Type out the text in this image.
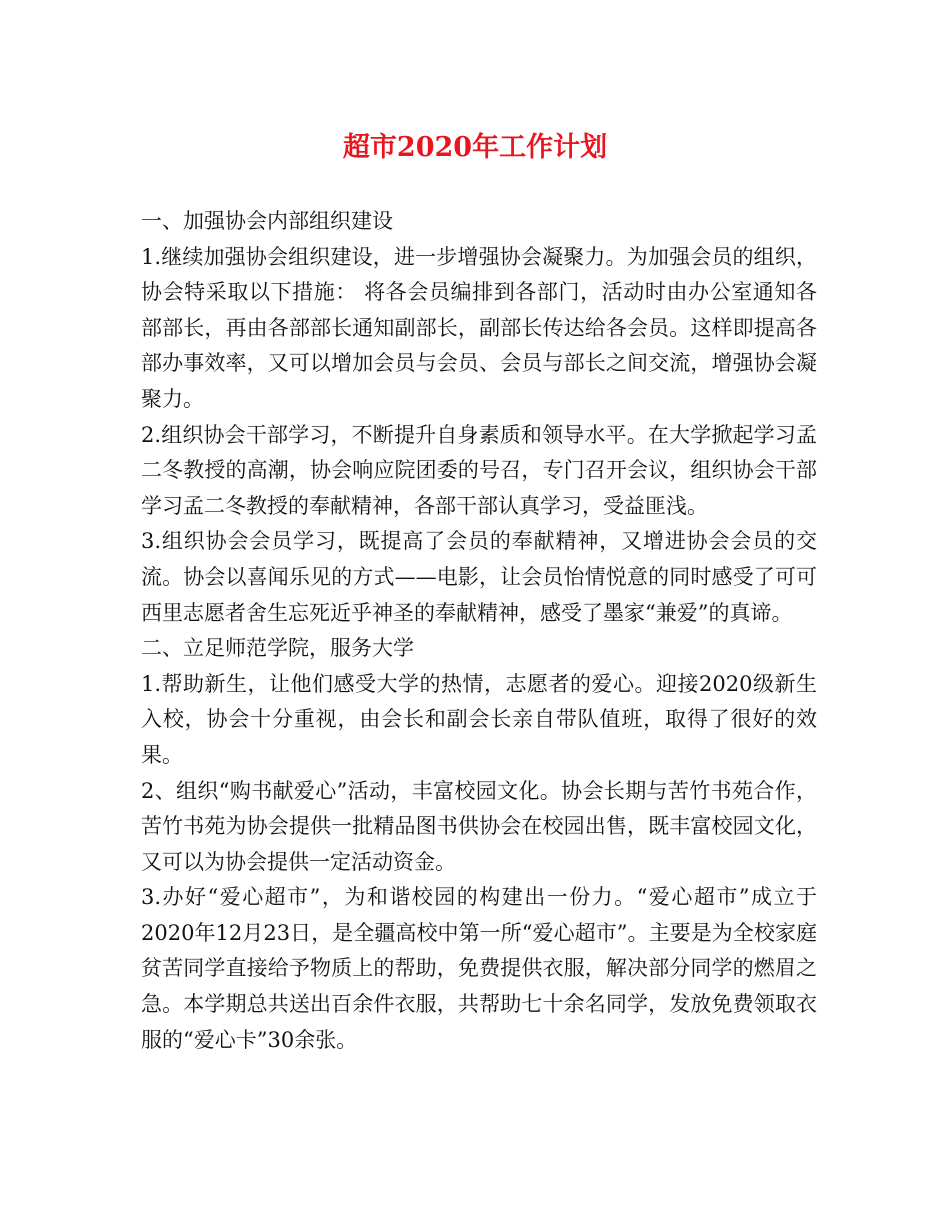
超市2020年工作计划

一、加强协会内部组织建设

1.继续加强协会组织建设，进一步增强协会凝聚力。为加强会员的组织，协会特采取以下措施： 将各会员编排到各部门，活动时由办公室通知各部部长，再由各部部长通知副部长，副部长传达给各会员。这样即提高各部办事效率，又可以增加会员与会员、会员与部长之间交流，增强协会凝聚力。

2.组织协会干部学习，不断提升自身素质和领导水平。在大学掀起学习孟二冬教授的高潮，协会响应院团委的号召，专门召开会议，组织协会干部学习孟二冬教授的奉献精神，各部干部认真学习，受益匪浅。

3.组织协会会员学习，既提高了会员的奉献精神，又增进协会会员的交流。协会以喜闻乐见的方式——电影，让会员怡情悦意的同时感受了可可西里志愿者舍生忘死近乎神圣的奉献精神，感受了墨家“兼爱”的真谛。

二、立足师范学院，服务大学

1.帮助新生，让他们感受大学的热情，志愿者的爱心。迎接2020级新生入校，协会十分重视，由会长和副会长亲自带队值班，取得了很好的效果。

2、组织“购书献爱心”活动，丰富校园文化。协会长期与苦竹书苑合作，苦竹书苑为协会提供一批精品图书供协会在校园出售，既丰富校园文化，又可以为协会提供一定活动资金。

3.办好“爱心超市”，为和谐校园的构建出一份力。“爱心超市”成立于2020年12月23日，是全疆高校中第一所“爱心超市”。主要是为全校家庭贫苦同学直接给予物质上的帮助，免费提供衣服，解决部分同学的燃眉之急。本学期总共送出百余件衣服，共帮助七十余名同学，发放免费领取衣服的“爱心卡”30余张。
